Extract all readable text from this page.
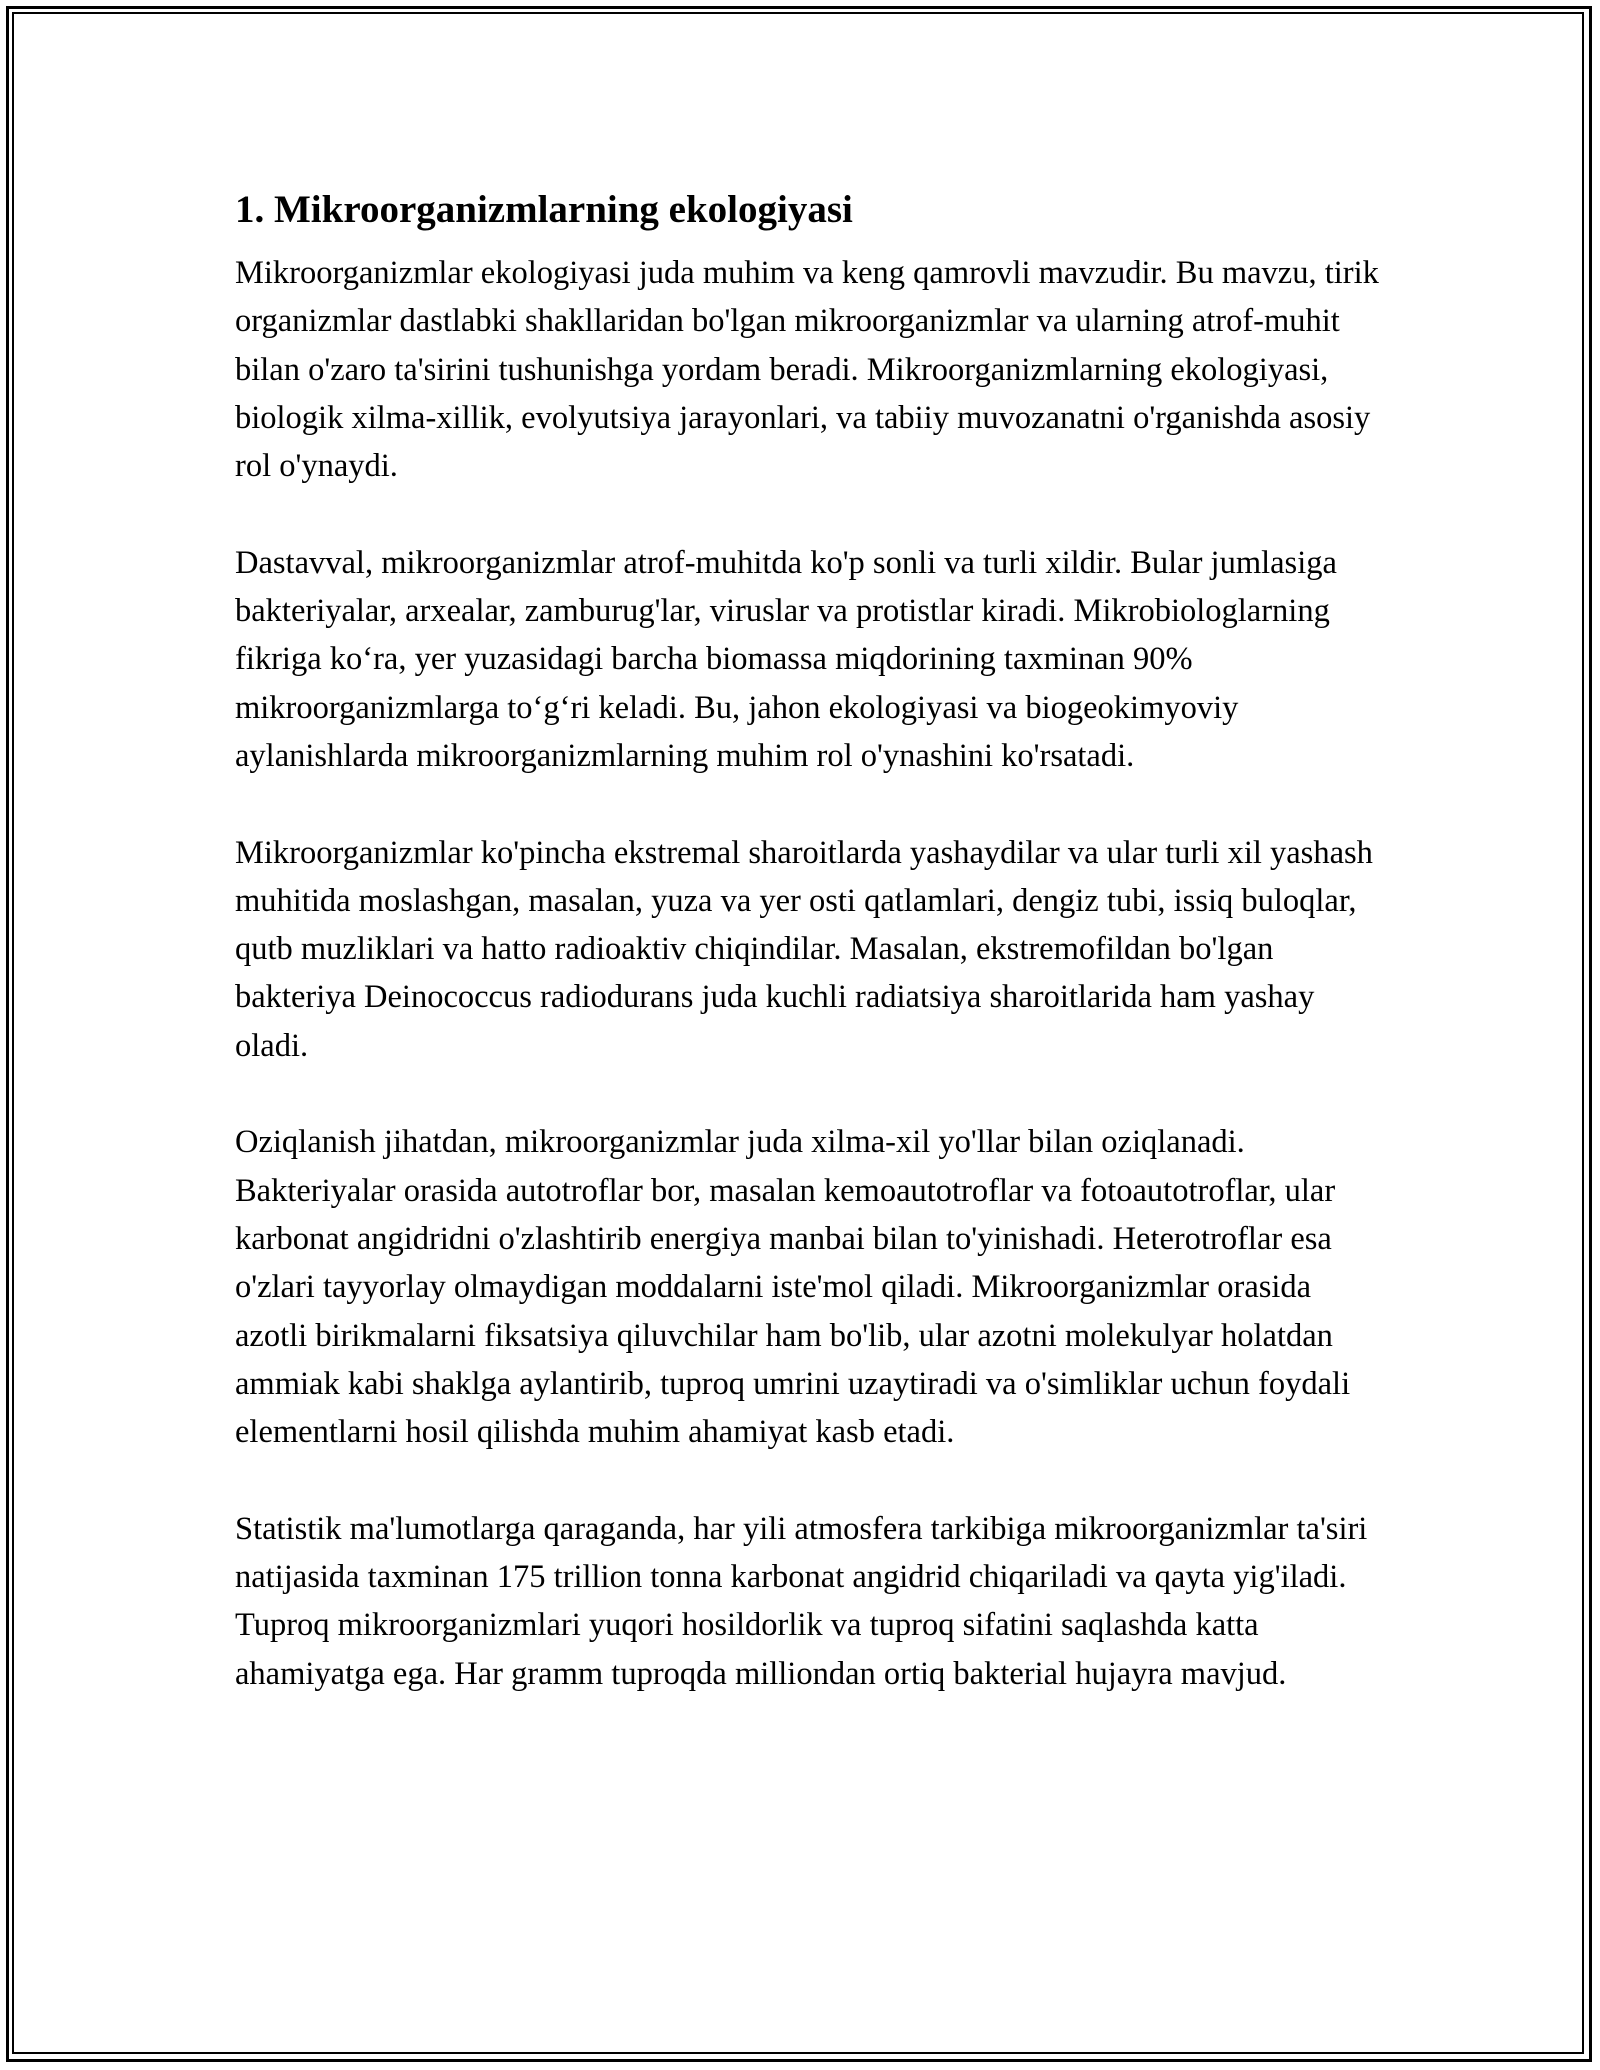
1. Mikroorganizmlarning ekologiyasi

Mikroorganizmlar ekologiyasi juda muhim va keng qamrovli mavzudir. Bu mavzu, tirik organizmlar dastlabki shakllaridan bo'lgan mikroorganizmlar va ularning atrof-muhit bilan o'zaro ta'sirini tushunishga yordam beradi. Mikroorganizmlarning ekologiyasi, biologik xilma-xillik, evolyutsiya jarayonlari, va tabiiy muvozanatni o'rganishda asosiy rol o'ynaydi.

Dastavval, mikroorganizmlar atrof-muhitda ko'p sonli va turli xildir. Bular jumlasiga bakteriyalar, arxealar, zamburug'lar, viruslar va protistlar kiradi. Mikrobiologlarning fikriga ko‘ra, yer yuzasidagi barcha biomassa miqdorining taxminan 90% mikroorganizmlarga to‘g‘ri keladi. Bu, jahon ekologiyasi va biogeokimyoviy aylanishlarda mikroorganizmlarning muhim rol o'ynashini ko'rsatadi.

Mikroorganizmlar ko'pincha ekstremal sharoitlarda yashaydilar va ular turli xil yashash muhitida moslashgan, masalan, yuza va yer osti qatlamlari, dengiz tubi, issiq buloqlar, qutb muzliklari va hatto radioaktiv chiqindilar. Masalan, ekstremofildan bo'lgan bakteriya Deinococcus radiodurans juda kuchli radiatsiya sharoitlarida ham yashay oladi.

Oziqlanish jihatdan, mikroorganizmlar juda xilma-xil yo'llar bilan oziqlanadi. Bakteriyalar orasida autotroflar bor, masalan kemoautotroflar va fotoautotroflar, ular karbonat angidridni o'zlashtirib energiya manbai bilan to'yinishadi. Heterotroflar esa o'zlari tayyorlay olmaydigan moddalarni iste'mol qiladi. Mikroorganizmlar orasida azotli birikmalarni fiksatsiya qiluvchilar ham bo'lib, ular azotni molekulyar holatdan ammiak kabi shaklga aylantirib, tuproq umrini uzaytiradi va o'simliklar uchun foydali elementlarni hosil qilishda muhim ahamiyat kasb etadi.

Statistik ma'lumotlarga qaraganda, har yili atmosfera tarkibiga mikroorganizmlar ta'siri natijasida taxminan 175 trillion tonna karbonat angidrid chiqariladi va qayta yig'iladi. Tuproq mikroorganizmlari yuqori hosildorlik va tuproq sifatini saqlashda katta ahamiyatga ega. Har gramm tuproqda milliondan ortiq bakterial hujayra mavjud.
